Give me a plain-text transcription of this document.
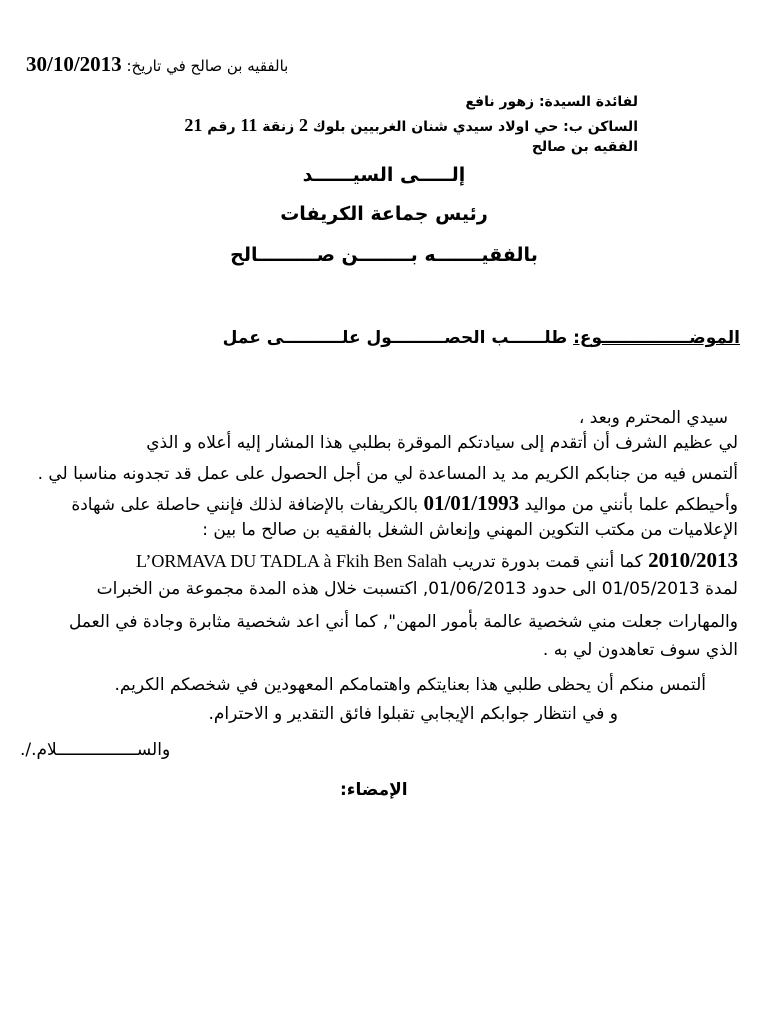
بالفقيه بن صالح في تاريخ: 30/10/2013
لفائدة السيدة: زهور نافع
الساكن ب: حي اولاد سيدي شنان الغربيين بلوك 2 زنقة 11 رقم 21
الفقيه بن صالح
إلـــــى السيــــــد
رئيس جماعة الكريفات
بالفقيـــــــه بــــــــن صـــــــــالح
الموضـــــــــــــــوع: طلــــــب الحصـــــــــول علــــــــــى عمل
سيدي المحترم وبعد ،
لي عظيم الشرف أن أتقدم إلى سيادتكم الموقرة بطلبي هذا المشار إليه أعلاه و الذي
ألتمس فيه من جنابكم الكريم مد يد المساعدة لي من أجل الحصول على عمل قد تجدونه مناسبا لي .
وأحيطكم علما بأنني من مواليد 01/01/1993 بالكريفات بالإضافة لذلك فإنني حاصلة على شهادة
الإعلاميات من مكتب التكوين المهني وإنعاش الشغل بالفقيه بن صالح ما بين :
2010/2013 كما أنني قمت بدورة تدريب L’ORMAVA DU TADLA à Fkih Ben Salah
لمدة 01/05/2013 الى حدود 01/06/2013, اكتسبت خلال هذه المدة مجموعة من الخبرات
والمهارات جعلت مني شخصية عالمة بأمور المهن", كما أني اعد شخصية مثابرة وجادة في العمل
الذي سوف تعاهدون لي به .
ألتمس منكم أن يحظى طلبي هذا بعنايتكم واهتمامكم المعهودين في شخصكم الكريم.
و في انتظار جوابكم الإيجابي تقبلوا فائق التقدير و الاحترام.
والســــــــــــــــلام./.
الإمضاء:
